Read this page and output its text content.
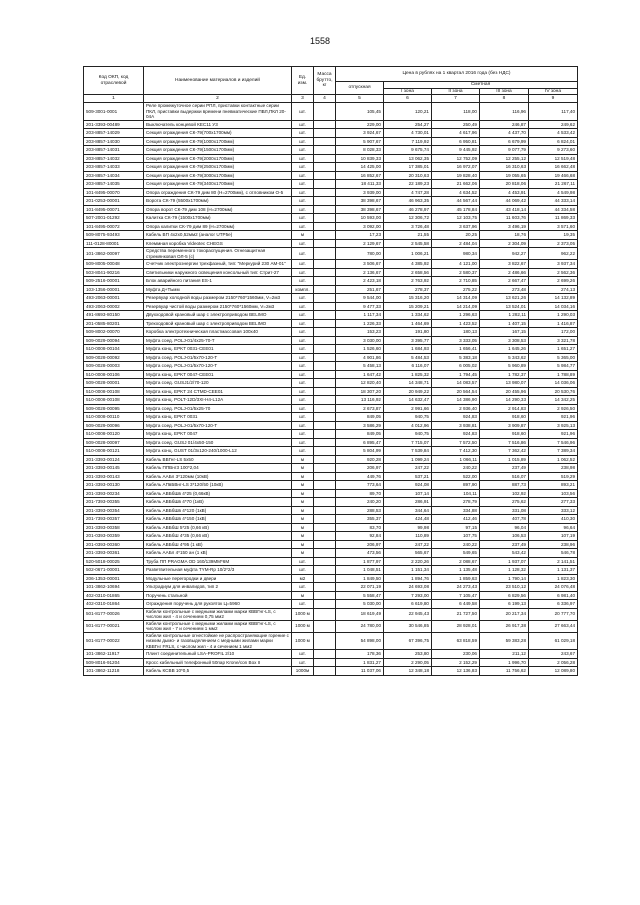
1558
Код ОКП, код отраслевой	Наименование материалов и изделий	Ед. изм.	Масса брутто, кг	Цена в рублях на 1 квартал 2016 года (без НДС)				
				отпускная	Сметная			
					I зона	II зона	III зона	IV зона
1	2	3	4	5	6	7	8	9
509-3001-0001	Реле промежуточное серии РПЛ, приставки контактные серии ПКЛ, приставки выдержки времени пневматические ПВЛ,ПКЛ 20-04А	шт.		105,45	120,21	118,00	116,96	117,40
201-3393-00489	Выключатель концевой КЕС11 У3	шт.		229,00	254,27	250,49	246,87	249,62
203-8857-14029	Секция ограждения СК-79(700х1700мм)	шт.		3 924,67	4 730,01	4 617,96	4 437,70	4 533,42
203-8857-14030	Секция ограждения СК-79(1000х1700мм)	шт.		5 907,67	7 119,92	6 950,81	6 679,99	6 824,01
203-8857-14031	Секция ограждения СК-79(1500х1700мм)	шт.		8 028,33	9 675,74	9 445,92	9 077,79	9 273,60
203-8857-14032	Секция ограждения СК-79(2000х1700мм)	шт.		10 839,33	13 062,35	12 752,09	12 255,12	12 519,48
203-8857-14033	Секция ограждения СК-79(2500х1700мм)	шт.		14 425,00	17 385,01	16 972,07	16 310,63	16 662,48
203-8857-14034	Секция ограждения СК-79(3000х1700мм)	шт.		16 852,67	20 310,63	19 828,40	19 055,65	19 466,68
203-8857-14035	Секция ограждения СК-79(3400х1700мм)	шт.		18 411,33	22 189,23	21 662,06	20 818,06	21 267,11
101-8495-00070	Опора ограждения СК-79 дим 80 (Н=2700мм), с отловником О-5	шт.		3 939,00	4 747,28	4 634,52	4 453,91	4 549,98
201-0253-00001	Ворота СК-79 (5500х1700мм)	шт.		38 398,67	46 963,35	44 567,44	44 069,42	44 333,14
101-8495-00071	Опора ворот СК-79 дим 108 (Н=2700мм)	шт.		38 398,67	46 278,97	45 178,84	43 418,14	44 334,58
507-2001-01292	Калитка СК-79 (1500х1700мм)	шт.		10 593,00	12 306,72	12 103,75	11 603,76	11 869,33
101-8495-00072	Опора калитки СК-79 дим 89 (Н=2700мм)	шт.		3 092,00	3 726,48	3 637,96	3 496,19	3 571,60
509-8075-93493	Кабель ВП 4х2х0,52мм2 (аналог UTP5e)	м		17,23	21,55	20,25	18,76	19,35
111-0128-80001	Клеммная коробка Videotec CHEGS	шт.		2 129,67	2 545,58	2 484,04	2 304,09	2 373,05
101-3862-00097	Средства переменного токораспущения. Огнезащитная стремянковая ОЛ-5 (с)	шт.		780,00	1 006,21	980,34	942,27	962,22
509-8005-00048	Счетчик электроэнергии трехфазный, тип: "Меркурий 230 АМ-01"	шт.		3 506,67	4 385,92	4 121,00	3 822,67	3 937,34
503-8041-90216	Светильники наружного освещения консольный тип: Стрит-27	шт.		2 136,67	2 658,56	2 580,37	2 486,66	2 562,36
509-2516-00001	Блок аварийного питания ES-1	шт.		2 423,18	2 763,92	2 710,85	2 667,47	2 699,26
103-1356-00001	Муфта Д+ТЬмм	компл.		251,67	278,37	275,22	273,48	274,13
493-2063-00001	Резервуар холодной воды размером 2150*760*1560мм, V=2м3	шт.		9 544,00	15 316,20	14 314,09	13 621,26	14 132,89
493-2063-00002	Резервуар чистой воды размером 2150*760*1560мм, V=2м3	шт.		9 477,33	15 209,21	14 214,09	13 524,01	14 034,16
491-8693-80150	Двухходовой крановый шар с электроприводом BELIMO	шт.		1 117,34	1 334,62	1 296,63	1 282,11	1 290,03
201-0585-80201	Трехходовой крановый шар с электроприводом BELIMO	шт.		1 226,33	1 464,69	1 423,52	1 407,15	1 416,87
509-8002-00070	Коробка электротехническая пластмассовая 100х40	шт.		153,23	191,80	180,13	167,15	172,00
509-0029-00094	Муфта соед. POLJ-01/4х25-70-Т	шт.		3 030,00	3 395,77	3 333,05	3 308,53	3 321,78
510-0008-00104	Муфта конц. EPKT 0031-CEE01	шт.		1 526,60	1 684,93	1 656,41	1 645,26	1 651,27
509-0028-00092	Муфта соед. POLJ-01/5х70-120-Т	шт.		4 901,86	5 484,53	5 383,18	5 343,62	5 365,00
509-0028-00003	Муфта соед. POLJ-01/5х70-120-Т	шт.		5 458,13	6 116,07	6 005,02	5 960,89	5 984,77
510-0008-00106	Муфта конц. EPKT 0047-CEE01	шт.		1 647,42	1 825,32	1 794,45	1 782,37	1 788,89
509-0028-00001	Муфта соед. GUSJ1/2/70-120	шт.		12 820,40	14 348,71	14 083,57	13 980,07	14 036,06
510-0008-00108	Муфта конц. EPKT 24 CTMD-CEE01	шт.		18 307,20	20 949,22	20 564,54	20 455,96	20 530,76
510-0008-00108	Муфта конц. POLT-12D/3XI-H4-L12A	шт.		13 116,92	14 632,47	14 386,90	14 290,33	14 342,25
509-0028-00095	Муфта соед. POLJ-01/5х25-70	шт.		2 673,87	2 991,66	2 936,40	2 914,83	2 926,50
510-0008-00110	Муфта конц. EPKT 0031	шт.		849,05	940,75	924,83	918,60	921,96
509-0029-00096	Муфта соед. POLJ-01/5х70-120-Т	шт.		3 586,29	4 012,96	3 938,81	3 909,87	3 925,13
510-0008-00120	Муфта конц. EPKT 0047	шт.		849,05	940,75	924,83	918,60	921,96
509-0028-00097	Муфта соед. GUSJ 01/4х50-150	шт.		6 895,47	7 715,07	7 572,50	7 516,86	7 546,96
510-0008-00121	Муфта конц. GUST 01/3х120-240/1000-L12	шт.		5 804,99	7 539,84	7 412,30	7 362,42	7 389,34
201-3393-00124	Кабель ВВГнг-LS 5х50	м		920,28	1 099,24	1 066,11	1 015,89	1 062,52
201-3393-00145	Кабель ППВнг3 100*2,04	м		206,97	247,22	240,22	237,49	238,98
201-3393-00143	Кабель ААБл 3*120мм (10кВ)	м		449,76	537,21	522,00	516,07	519,29
201-3393-00130	Кабель АПвБВнг-LS 3*120/50 (10кВ)	м		773,64	924,08	897,90	887,73	893,21
201-3393-00234	Кабель АВБбШв 4*25 (0,66кВ)	м		89,70	107,14	104,11	102,92	103,56
201-7393-00355	Кабель АВБбШв 4*70 (1кВ)	м		240,20	286,91	278,79	275,62	277,33
201-3393-00354	Кабель АВБбШв 4*120 (1кВ)	м		288,53	344,64	334,88	331,08	333,12
201-7393-00357	Кабель АВБбШв 4*150 (1кВ)	м		355,37	424,48	412,46	407,78	410,30
201-3393-00358	Кабель АВБбШ 5*25 (0,66 кВ)	м		83,70	99,98	97,15	96,04	96,64
201-0393-00359	Кабель АВБбШ 4*35 (0,66 кВ)	м		92,84	110,89	107,75	106,53	107,19
201-0393-00360	Кабель АВБбШ 4*95 (1 кВ)	м		206,97	247,22	240,22	237,49	238,96
201-3393-00361	Кабель ААБл 4*150 ан (1 кВ)	м		473,56	565,67	549,65	543,42	546,78
520-5018-00025	Труба ПП PRAGMA ОD 160/139ММ*6М	шт.		1 877,97	2 220,26	2 088,67	1 937,07	2 141,51
502-0671-00001	Разветвительная муфта TYM-Rp 10/2*2/3	шт.		1 048,51	1 151,34	1 135,48	1 128,32	1 131,37
206-1353-00001	Модульные перегородки и двери	м2		1 849,50	1 894,76	1 859,63	1 790,14	1 823,30
101-3862-10694	Ультрадиум для инвалидов, тип 2	шт.		22 071,19	24 693,08	24 273,43	23 510,12	24 076,48
402-0310-01865	Поручень стальной	м		5 558,47	7 293,00	7 105,47	6 829,56	6 981,40
402-0310-01864	Ограждения поручень для рукояток Ц=5960	шт.		5 030,00	6 619,80	6 449,58	6 199,13	6 336,97
501-8177-00026	Кабели контрольные с медными жилами марки КВВГнг-LS, с числом жил - 4 и сечением 0,75 мм2	1000 м		18 619,49	22 945,43	21 727,50	20 217,34	20 777,70
501-8177-00021	Кабели контрольные с медными жилами марки КВВГнг-LS, с числом жил - 7 и сечением 1 мм2	1000 м		24 780,00	30 546,85	28 928,01	26 917,38	27 663,44
501-8177-00022	Кабели контрольные огнестойкие не распространяющие горение с низким дымо- и газовыделением с медными жилами марки КВВГнг FRLS, с числом жил - 4 и сечением 1 мм2	1000 м		54 898,00	67 396,75	63 818,59	59 383,28	61 029,18
101-3862-11917	Плинт соединительный LSA-PROFIL 2/10	шт.		178,36	253,80	230,06	211,12	243,67
509-8016-91204	Кросс кабельный телефонный 50пар Krone/con Box II	шт.		1 831,27	2 290,05	2 152,29	1 996,70	2 056,28
101-3862-11218	Кабель КСВВ 10*0,5	1000м		11 037,06	12 348,18	12 136,83	11 756,62	12 089,80
